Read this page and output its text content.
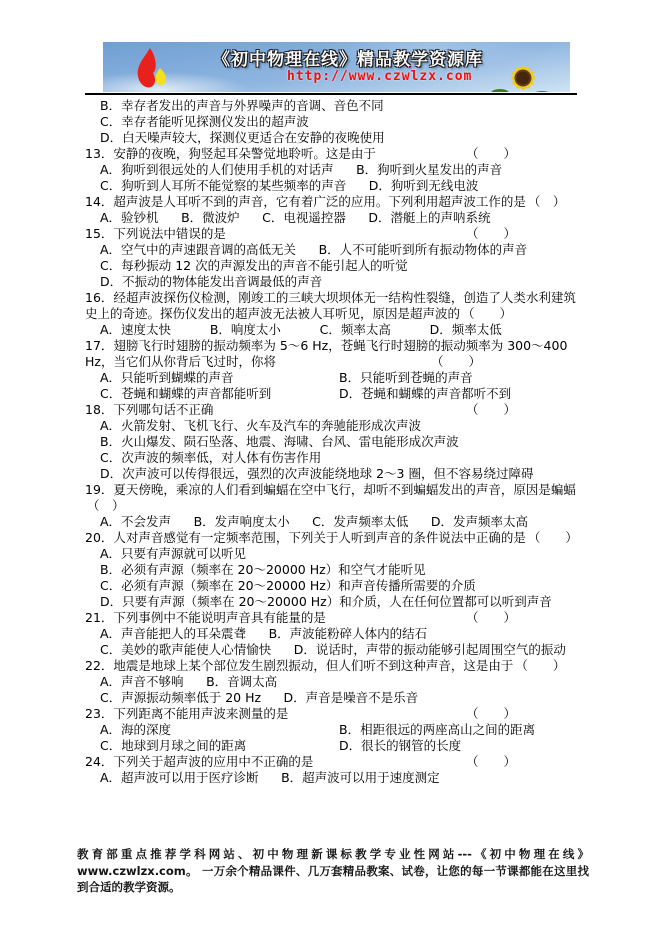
《初中物理在线》精品教学资源库
http://www.czwlzx.com
B．幸存者发出的声音与外界噪声的音调、音色不同
C．幸存者能听见探测仪发出的超声波
D．白天噪声较大，探测仪更适合在安静的夜晚使用
13．安静的夜晚，狗竖起耳朵警觉地聆听。这是由于	（　　）
A．狗听到很远处的人们使用手机的对话声 B．狗听到火星发出的声音
C．狗听到人耳所不能觉察的某些频率的声音 D．狗听到无线电波
14．超声波是人耳听不到的声音，它有着广泛的应用。下列利用超声波工作的是 （　）
A．验钞机 B．微波炉 C．电视遥控器 D．潜艇上的声呐系统
15．下列说法中错误的是	（　　）
A．空气中的声速跟音调的高低无关 B．人不可能听到所有振动物体的声音
C．每秒振动 12 次的声源发出的声音不能引起人的听觉
D．不振动的物体能发出音调最低的声音
16．经超声波探伤仪检测，刚竣工的三峡大坝坝体无一结构性裂缝，创造了人类水利建筑史上的奇迹。探伤仪发出的超声波无法被人耳听见，原因是超声波的 （　　）
A．速度太快	B．响度太小	C．频率太高	D．频率太低
17．翅膀飞行时翅膀的振动频率为 5～6 Hz，苍蝇飞行时翅膀的振动频率为 300～400 Hz，当它们从你背后飞过时，你将	（　　）
A．只能听到蝴蝶的声音	B．只能听到苍蝇的声音
C．苍蝇和蝴蝶的声音都能听到	D．苍蝇和蝴蝶的声音都听不到
18．下列哪句话不正确	（　　）
A．火箭发射、飞机飞行、火车及汽车的奔驰能形成次声波
B．火山爆发、陨石坠落、地震、海啸、台风、雷电能形成次声波
C．次声波的频率低，对人体有伤害作用
D．次声波可以传得很远，强烈的次声波能绕地球 2～3 圈，但不容易绕过障碍
19．夏天傍晚，乘凉的人们看到蝙蝠在空中飞行，却听不到蝙蝠发出的声音，原因是蝙蝠（　）
A．不会发声 B．发声响度太小 C．发声频率太低 D．发声频率太高
20．人对声音感觉有一定频率范围，下列关于人听到声音的条件说法中正确的是 （　　）
A．只要有声源就可以听见
B．必须有声源（频率在 20～20000 Hz）和空气才能听见
C．必须有声源（频率在 20～20000 Hz）和声音传播所需要的介质
D．只要有声源（频率在 20～20000 Hz）和介质，人在任何位置都可以听到声音
21．下列事例中不能说明声音具有能量的是	（　　）
A．声音能把人的耳朵震聋 B．声波能粉碎人体内的结石
C．美妙的歌声能使人心情愉快 D．说话时，声带的振动能够引起周围空气的振动
22．地震是地球上某个部位发生剧烈振动，但人们听不到这种声音，这是由于 （　　）
A．声音不够响 B．音调太高
C．声源振动频率低于 20 Hz D．声音是噪音不是乐音
23．下列距离不能用声波来测量的是	（　　）
A．海的深度	B．相距很远的两座高山之间的距离
C．地球到月球之间的距离	D．很长的钢管的长度
24．下列关于超声波的应用中不正确的是	（　　）
A．超声波可以用于医疗诊断 B．超声波可以用于速度测定
教育部重点推荐学科网站、初中物理新课标教学专业性网站---《初中物理在线》www.czwlzx.com。 一万余个精品课件、几万套精品教案、试卷，让您的每一节课都能在这里找到合适的教学资源。
